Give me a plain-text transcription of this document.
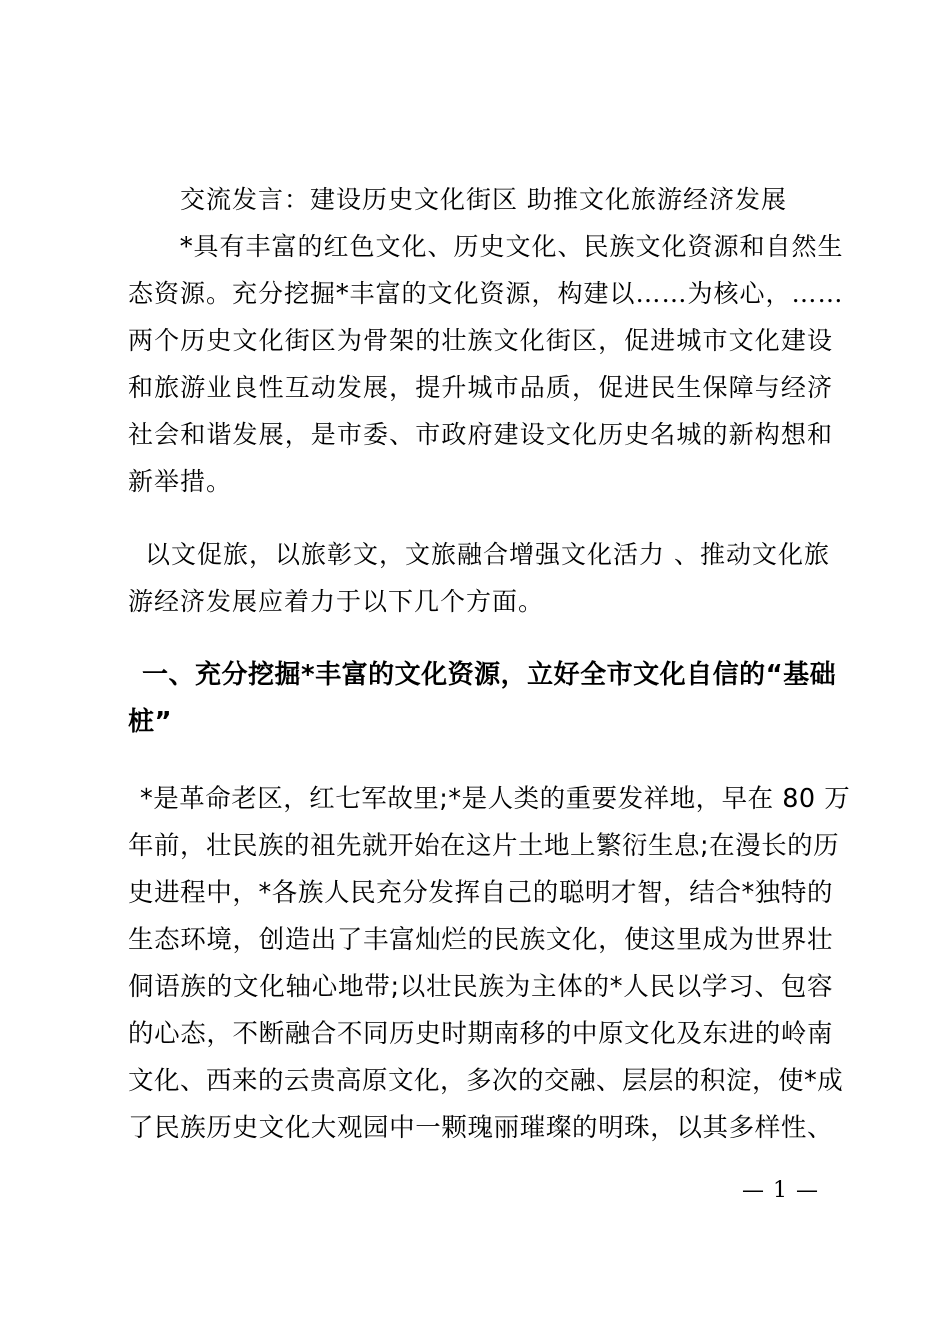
交流发言：建设历史文化街区 助推文化旅游经济发展
*具有丰富的红色文化、历史文化、民族文化资源和自然生
态资源。充分挖掘*丰富的文化资源，构建以……为核心，……
两个历史文化街区为骨架的壮族文化街区，促进城市文化建设
和旅游业良性互动发展，提升城市品质，促进民生保障与经济
社会和谐发展，是市委、市政府建设文化历史名城的新构想和
新举措。
以文促旅，以旅彰文，文旅融合增强文化活力 、推动文化旅
游经济发展应着力于以下几个方面。
一、充分挖掘*丰富的文化资源，立好全市文化自信的“基础
桩”
*是革命老区，红七军故里;*是人类的重要发祥地，早在 80 万
年前，壮民族的祖先就开始在这片土地上繁衍生息;在漫长的历
史进程中，*各族人民充分发挥自己的聪明才智，结合*独特的
生态环境，创造出了丰富灿烂的民族文化，使这里成为世界壮
侗语族的文化轴心地带;以壮民族为主体的*人民以学习、包容
的心态，不断融合不同历史时期南移的中原文化及东进的岭南
文化、西来的云贵高原文化，多次的交融、层层的积淀，使*成
了民族历史文化大观园中一颗瑰丽璀璨的明珠，以其多样性、
— 1 —
